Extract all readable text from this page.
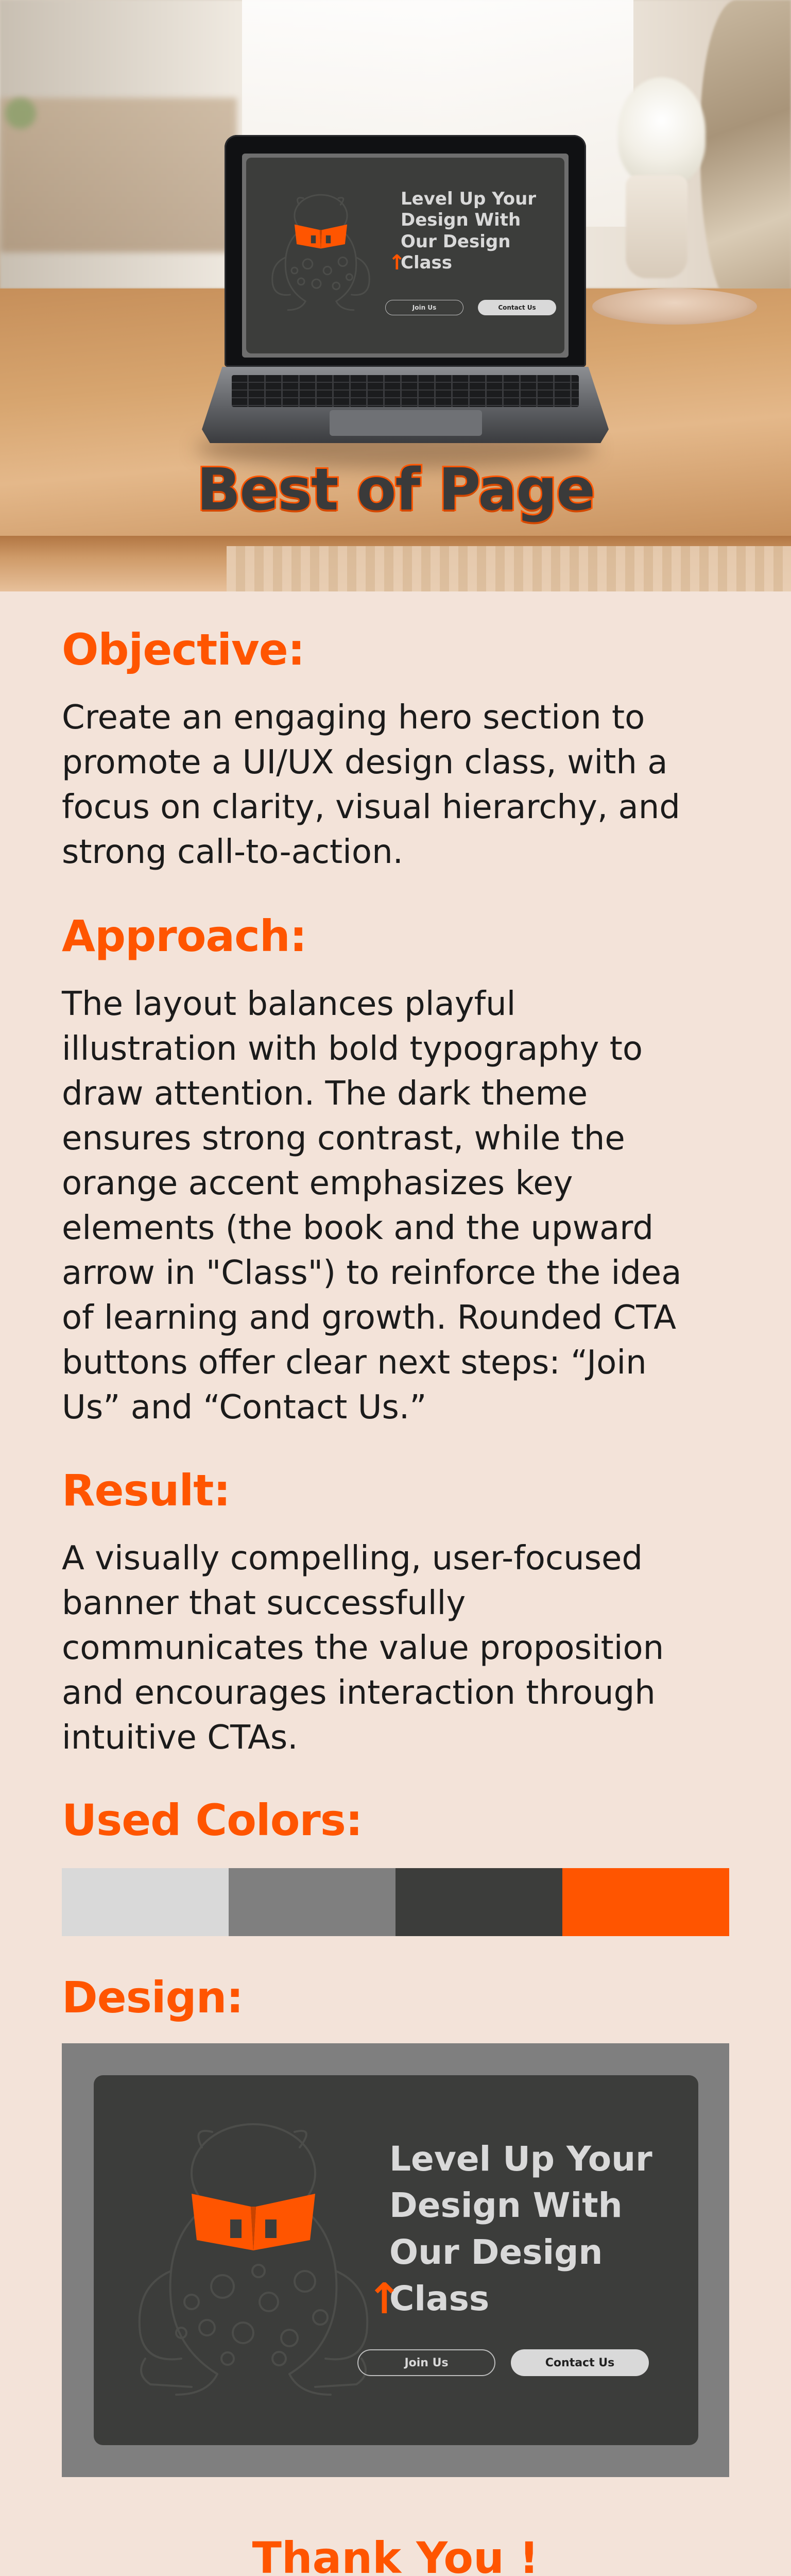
Level Up Your
Design With
Our Design
↑
Class
Join Us	Contact Us
Best of Page
Objective:
Create an engaging hero section to
promote a UI/UX design class, with a
focus on clarity, visual hierarchy, and
strong call-to-action.
Approach:
The layout balances playful
illustration with bold typography to
draw attention. The dark theme
ensures strong contrast, while the
orange accent emphasizes key
elements (the book and the upward
arrow in "Class") to reinforce the idea
of learning and growth. Rounded CTA
buttons offer clear next steps: “Join
Us” and “Contact Us.”
Result:
A visually compelling, user-focused
banner that successfully
communicates the value proposition
and encourages interaction through
intuitive CTAs.
Used Colors:
Design:
Level Up Your
Design With
Our Design
↑
Class
Join Us	Contact Us
Thank You !
